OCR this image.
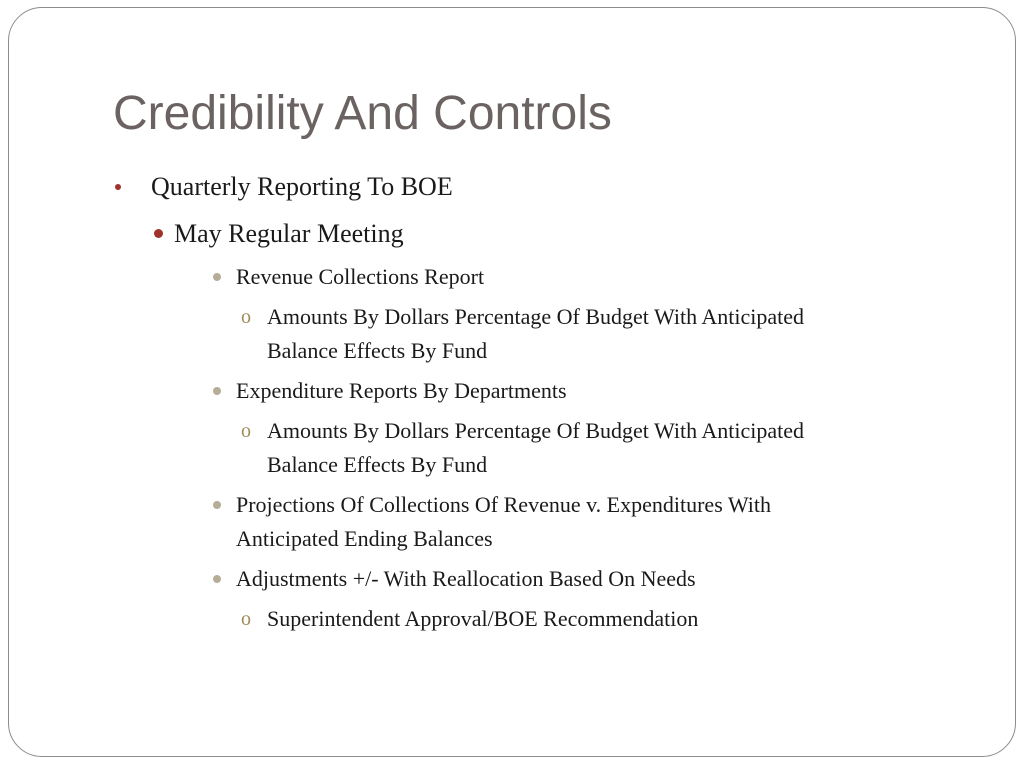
Credibility And Controls
Quarterly Reporting To BOE
May Regular Meeting
Revenue Collections Report
o Amounts By Dollars Percentage Of Budget With Anticipated
Balance Effects By Fund
Expenditure Reports By Departments
o Amounts By Dollars Percentage Of Budget With Anticipated
Balance Effects By Fund
Projections Of Collections Of Revenue v. Expenditures With
Anticipated Ending Balances
Adjustments +/- With Reallocation Based On Needs
o Superintendent Approval/BOE Recommendation
